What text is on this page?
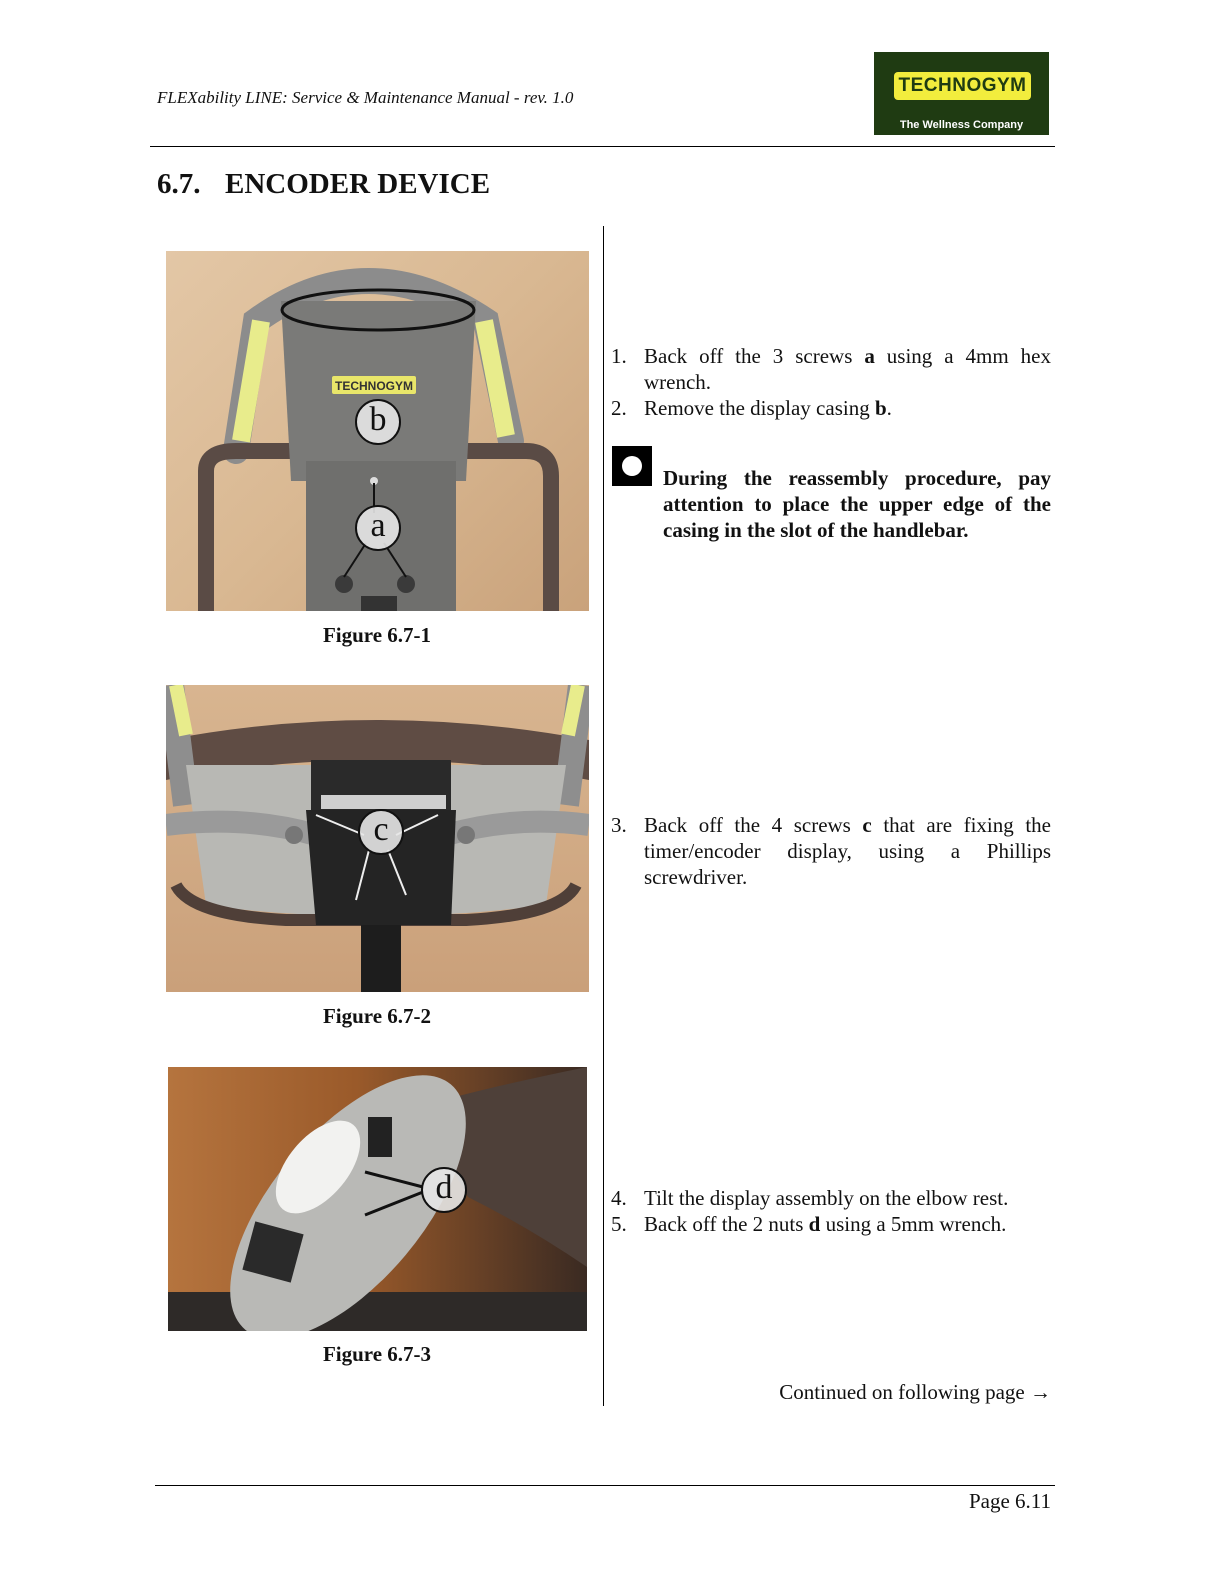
FLEXability LINE: Service & Maintenance Manual - rev. 1.0
TECHNOGYM
The Wellness Company
6.7. ENCODER DEVICE
TECHNOGYM
b
a
Figure 6.7-1
c
Figure 6.7-2
d
Figure 6.7-3
1. Back off the 3 screws a using a 4mm hex wrench.
2. Remove the display casing b.
During the reassembly procedure, pay attention to place the upper edge of the casing in the slot of the handlebar.
3. Back off the 4 screws c that are fixing the timer/encoder display, using a Phillips screwdriver.
4. Tilt the display assembly on the elbow rest.
5. Back off the 2 nuts d using a 5mm wrench.
Continued on following page →
Page 6.11
